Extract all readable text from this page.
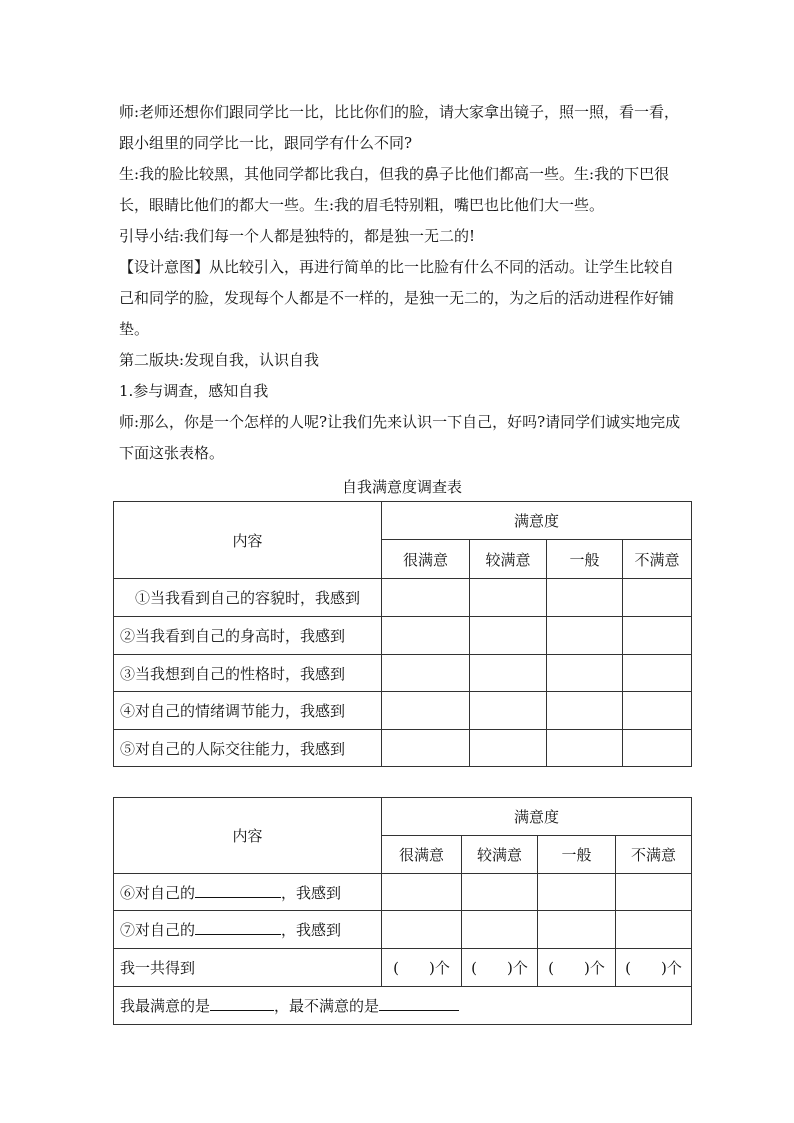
师:老师还想你们跟同学比一比，比比你们的脸，请大家拿出镜子，照一照，看一看，跟小组里的同学比一比，跟同学有什么不同?

生:我的脸比较黑，其他同学都比我白，但我的鼻子比他们都高一些。生:我的下巴很长，眼睛比他们的都大一些。生:我的眉毛特别粗，嘴巴也比他们大一些。

引导小结:我们每一个人都是独特的，都是独一无二的!

【设计意图】从比较引入，再进行简单的比一比脸有什么不同的活动。让学生比较自己和同学的脸，发现每个人都是不一样的，是独一无二的，为之后的活动进程作好铺垫。

第二版块:发现自我，认识自我

1.参与调查，感知自我

师:那么，你是一个怎样的人呢?让我们先来认识一下自己，好吗?请同学们诚实地完成下面这张表格。

自我满意度调查表
内容	满意度			
	很满意	较满意	一般	不满意
①当我看到自己的容貌时，我感到				
②当我看到自己的身高时，我感到				
③当我想到自己的性格时，我感到				
④对自己的情绪调节能力，我感到				
⑤对自己的人际交往能力，我感到				
内容	满意度			
	很满意	较满意	一般	不满意
⑥对自己的 ，我感到				
⑦对自己的 ，我感到				
我一共得到	(　　)个	(　　)个	(　　)个	(　　)个
我最满意的是 ，最不满意的是				
